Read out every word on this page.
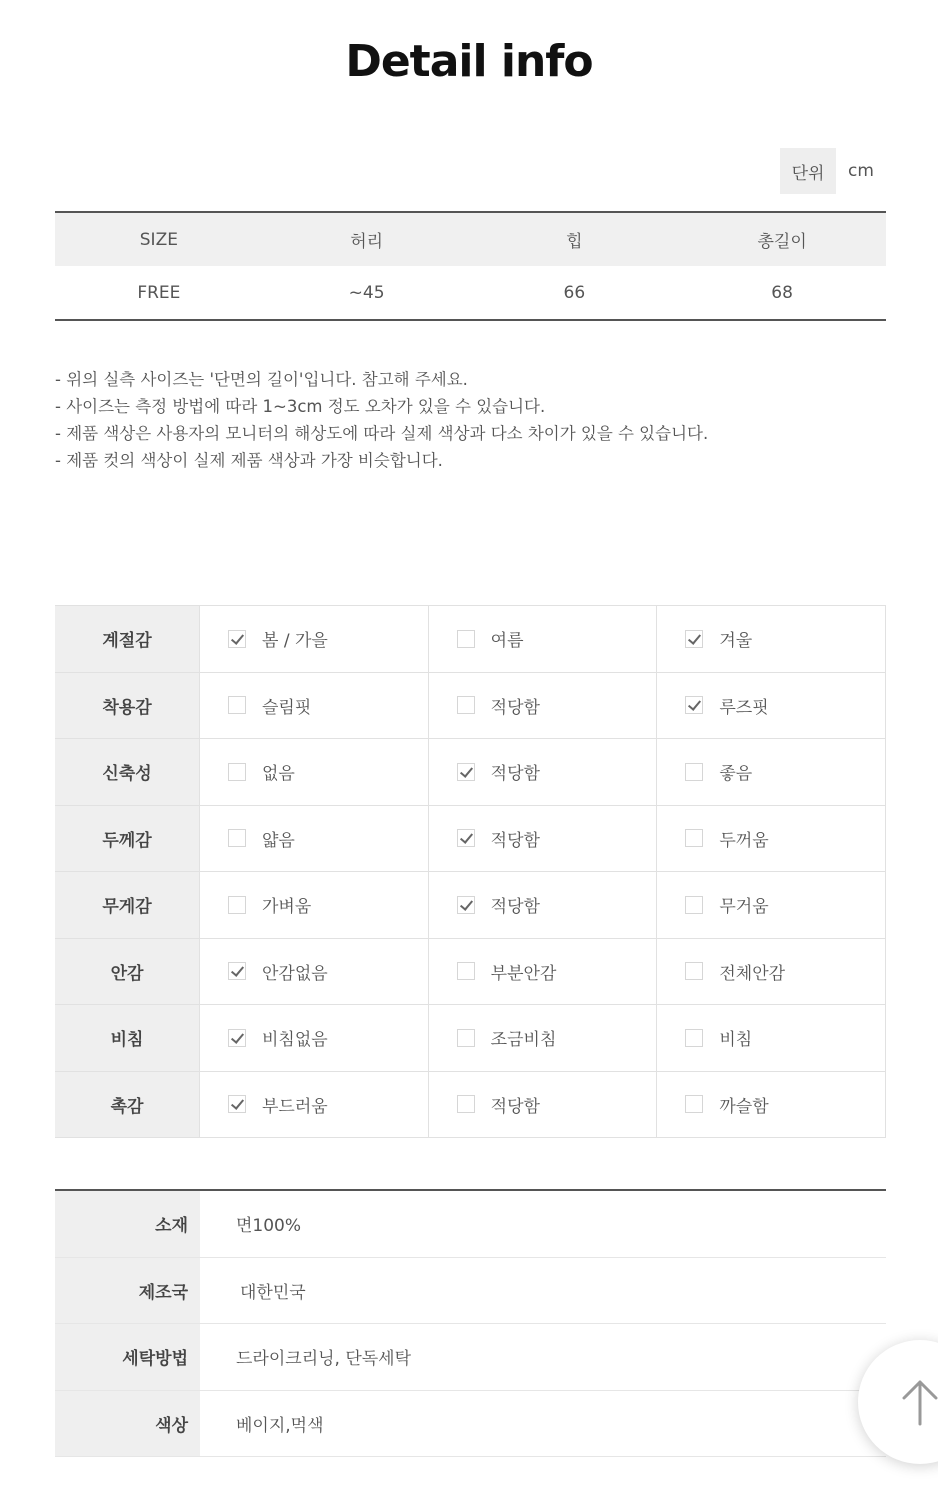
Detail info
단위	cm
SIZE	허리	힙	총길이
FREE	~45	66	68

- 위의 실측 사이즈는 '단면의 길이'입니다. 참고해 주세요.

- 사이즈는 측정 방법에 따라 1~3cm 정도 오차가 있을 수 있습니다.

- 제품 색상은 사용자의 모니터의 해상도에 따라 실제 색상과 다소 차이가 있을 수 있습니다.

- 제품 컷의 색상이 실제 제품 색상과 가장 비슷합니다.

계절감	봄 / 가을	여름	겨울
착용감	슬림핏	적당함	루즈핏
신축성	없음	적당함	좋음
두께감	얇음	적당함	두꺼움
무게감	가벼움	적당함	무거움
안감	안감없음	부분안감	전체안감
비침	비침없음	조금비침	비침
촉감	부드러움	적당함	까슬함
소재	면100%
제조국	대한민국
세탁방법	드라이크리닝, 단독세탁
색상	베이지,먹색
